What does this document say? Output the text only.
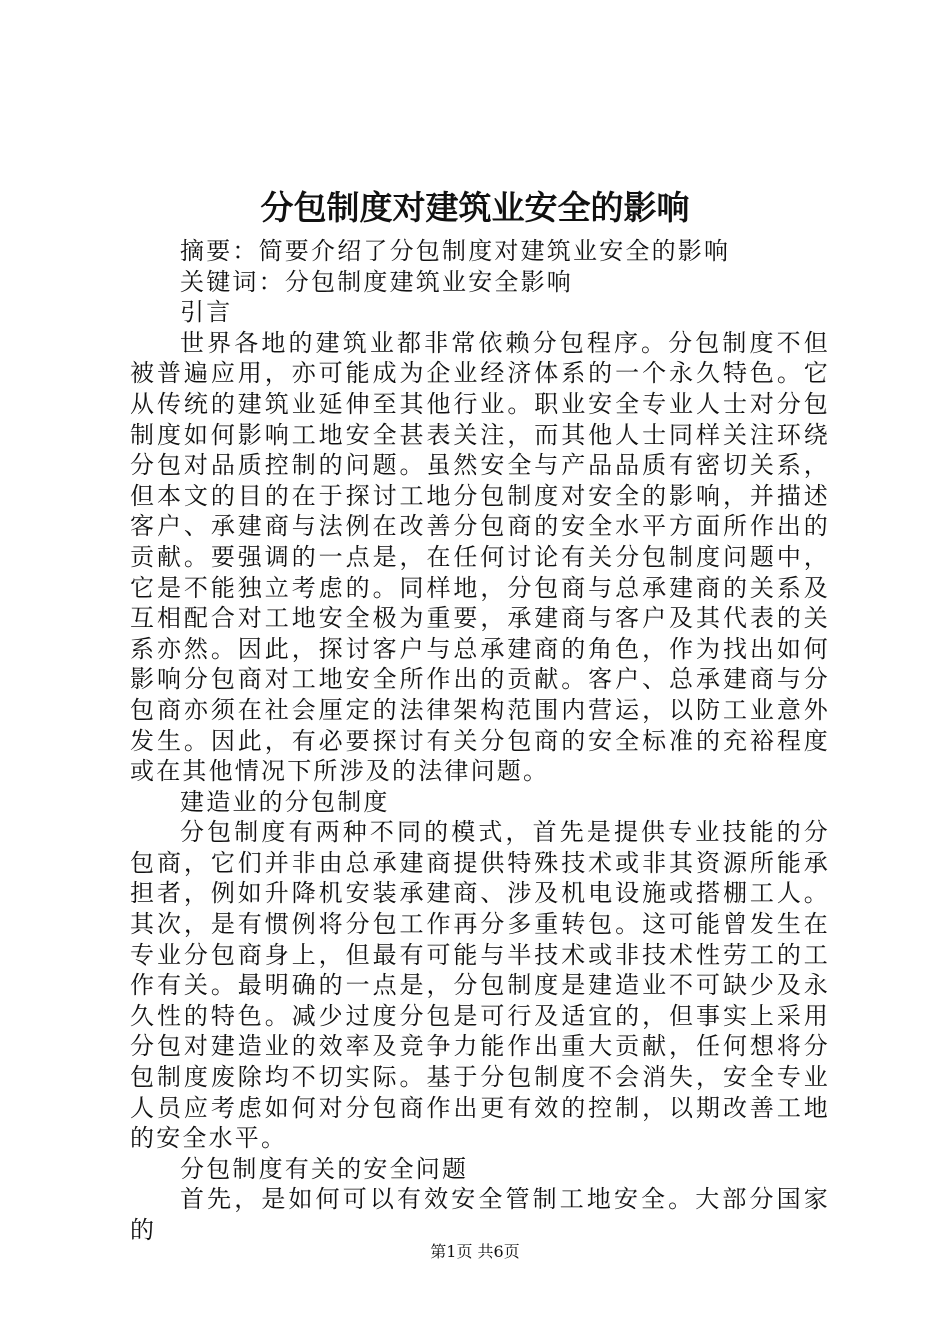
分包制度对建筑业安全的影响

摘要：简要介绍了分包制度对建筑业安全的影响

关键词：分包制度建筑业安全影响

引言

世界各地的建筑业都非常依赖分包程序。分包制度不但被普遍应用，亦可能成为企业经济体系的一个永久特色。它从传统的建筑业延伸至其他行业。职业安全专业人士对分包制度如何影响工地安全甚表关注，而其他人士同样关注环绕分包对品质控制的问题。虽然安全与产品品质有密切关系，但本文的目的在于探讨工地分包制度对安全的影响，并描述客户、承建商与法例在改善分包商的安全水平方面所作出的贡献。要强调的一点是，在任何讨论有关分包制度问题中，它是不能独立考虑的。同样地，分包商与总承建商的关系及互相配合对工地安全极为重要，承建商与客户及其代表的关系亦然。因此，探讨客户与总承建商的角色，作为找出如何影响分包商对工地安全所作出的贡献。客户、总承建商与分包商亦须在社会厘定的法律架构范围内营运，以防工业意外发生。因此，有必要探讨有关分包商的安全标准的充裕程度或在其他情况下所涉及的法律问题。

建造业的分包制度

分包制度有两种不同的模式，首先是提供专业技能的分包商，它们并非由总承建商提供特殊技术或非其资源所能承担者，例如升降机安装承建商、涉及机电设施或搭棚工人。其次，是有惯例将分包工作再分多重转包。这可能曾发生在专业分包商身上，但最有可能与半技术或非技术性劳工的工作有关。最明确的一点是，分包制度是建造业不可缺少及永久性的特色。减少过度分包是可行及适宜的，但事实上采用分包对建造业的效率及竞争力能作出重大贡献，任何想将分包制度废除均不切实际。基于分包制度不会消失，安全专业人员应考虑如何对分包商作出更有效的控制，以期改善工地的安全水平。

分包制度有关的安全问题

首先，是如何可以有效安全管制工地安全。大部分国家的

第1页 共6页
